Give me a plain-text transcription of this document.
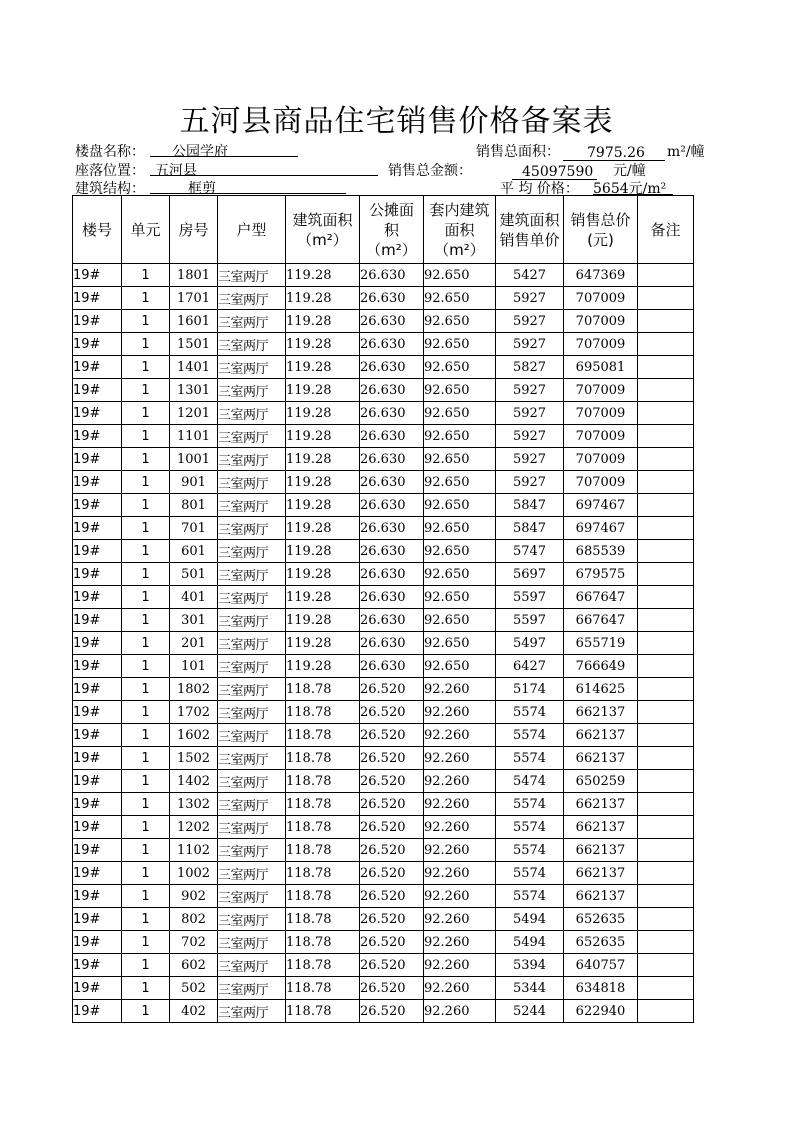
五河县商品住宅销售价格备案表
楼盘名称：	公园学府	销售总面积：	7975.26 m²/幢
座落位置： 五河县	销售总金额：	45097590 元/幢
建筑结构：	框剪	平 均 价格： 5654元/m²
楼号	单元	房号	户型	建筑面积（m²）	公摊面积（m²）	套内建筑面积（m²）	建筑面积销售单价	销售总价(元)	备注

19#	1	1801	三室两厅	119.28	26.630	92.650	5427	647369	
19#	1	1701	三室两厅	119.28	26.630	92.650	5927	707009	
19#	1	1601	三室两厅	119.28	26.630	92.650	5927	707009	
19#	1	1501	三室两厅	119.28	26.630	92.650	5927	707009	
19#	1	1401	三室两厅	119.28	26.630	92.650	5827	695081	
19#	1	1301	三室两厅	119.28	26.630	92.650	5927	707009	
19#	1	1201	三室两厅	119.28	26.630	92.650	5927	707009	
19#	1	1101	三室两厅	119.28	26.630	92.650	5927	707009	
19#	1	1001	三室两厅	119.28	26.630	92.650	5927	707009	
19#	1	901	三室两厅	119.28	26.630	92.650	5927	707009	
19#	1	801	三室两厅	119.28	26.630	92.650	5847	697467	
19#	1	701	三室两厅	119.28	26.630	92.650	5847	697467	
19#	1	601	三室两厅	119.28	26.630	92.650	5747	685539	
19#	1	501	三室两厅	119.28	26.630	92.650	5697	679575	
19#	1	401	三室两厅	119.28	26.630	92.650	5597	667647	
19#	1	301	三室两厅	119.28	26.630	92.650	5597	667647	
19#	1	201	三室两厅	119.28	26.630	92.650	5497	655719	
19#	1	101	三室两厅	119.28	26.630	92.650	6427	766649	
19#	1	1802	三室两厅	118.78	26.520	92.260	5174	614625	
19#	1	1702	三室两厅	118.78	26.520	92.260	5574	662137	
19#	1	1602	三室两厅	118.78	26.520	92.260	5574	662137	
19#	1	1502	三室两厅	118.78	26.520	92.260	5574	662137	
19#	1	1402	三室两厅	118.78	26.520	92.260	5474	650259	
19#	1	1302	三室两厅	118.78	26.520	92.260	5574	662137	
19#	1	1202	三室两厅	118.78	26.520	92.260	5574	662137	
19#	1	1102	三室两厅	118.78	26.520	92.260	5574	662137	
19#	1	1002	三室两厅	118.78	26.520	92.260	5574	662137	
19#	1	902	三室两厅	118.78	26.520	92.260	5574	662137	
19#	1	802	三室两厅	118.78	26.520	92.260	5494	652635	
19#	1	702	三室两厅	118.78	26.520	92.260	5494	652635	
19#	1	602	三室两厅	118.78	26.520	92.260	5394	640757	
19#	1	502	三室两厅	118.78	26.520	92.260	5344	634818	
19#	1	402	三室两厅	118.78	26.520	92.260	5244	622940	
